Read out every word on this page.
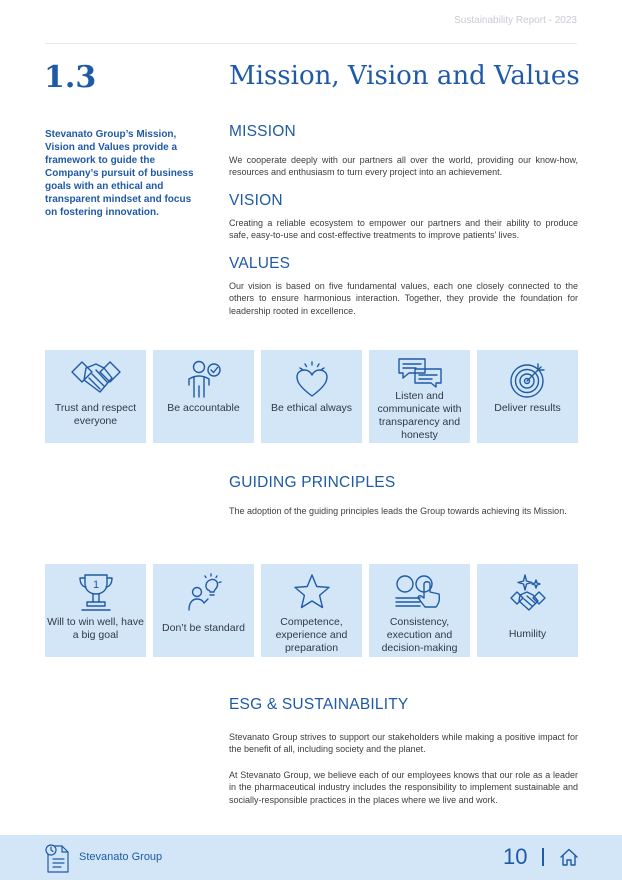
Sustainability Report - 2023
1.3	Mission, Vision and Values
Stevanato Group’s Mission, Vision and Values provide a framework to guide the Company’s pursuit of business goals with an ethical and transparent mindset and focus on fostering innovation.
MISSION
We cooperate deeply with our partners all over the world, providing our know-how, resources and enthusiasm to turn every project into an achievement.
VISION
Creating a reliable ecosystem to empower our partners and their ability to produce safe, easy-to-use and cost-effective treatments to improve patients’ lives.
VALUES
Our vision is based on five fundamental values, each one closely connected to the others to ensure harmonious interaction. Together, they provide the foundation for leadership rooted in excellence.
Trust and respect everyone
Be accountable	Be ethical always
Listen and communicate with transparency and honesty
Deliver results
GUIDING PRINCIPLES
The adoption of the guiding principles leads the Group towards achieving its Mission.
1
Will to win well, have a big goal
Don’t be standard	Competence, experience and preparation
Consistency, execution and decision-making
Humility
ESG & SUSTAINABILITY
Stevanato Group strives to support our stakeholders while making a positive impact for the benefit of all, including society and the planet.
At Stevanato Group, we believe each of our employees knows that our role as a leader in the pharmaceutical industry includes the responsibility to implement sustainable and socially-responsible practices in the places where we live and work.
Stevanato Group	10
